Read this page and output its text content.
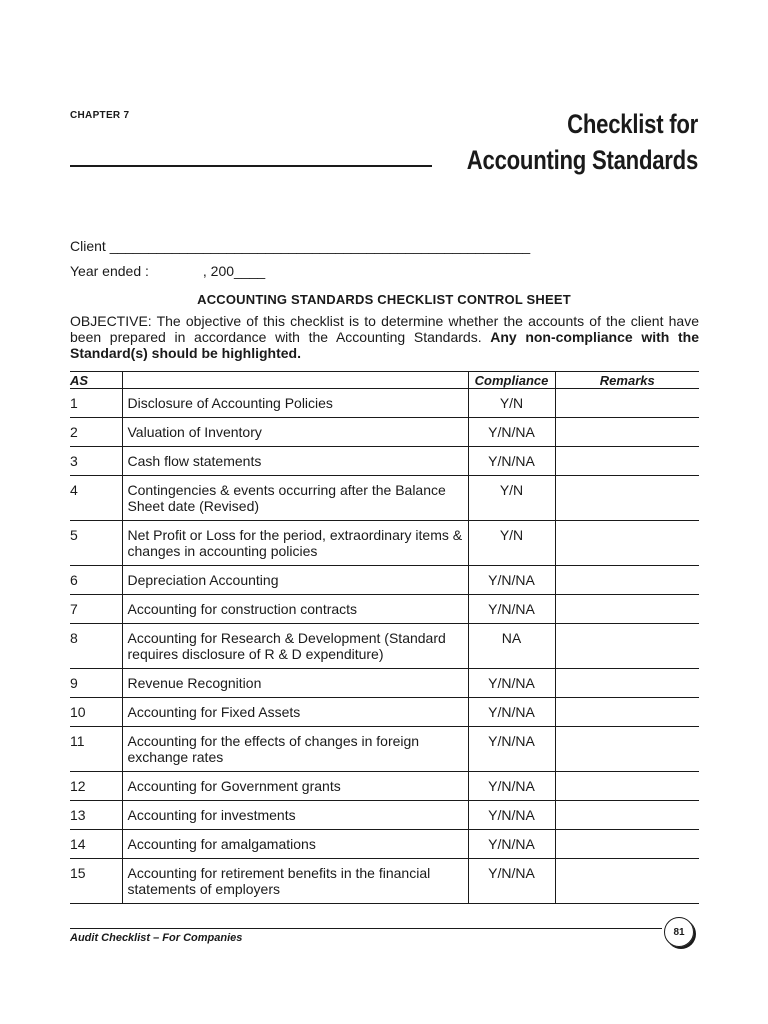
CHAPTER 7	Checklist for
Accounting Standards
Client ______________________________________________________
Year ended :	, 200____
ACCOUNTING STANDARDS CHECKLIST CONTROL SHEET
OBJECTIVE: The objective of this checklist is to determine whether the accounts of the client have been prepared in accordance with the Accounting Standards. Any non-compliance with the Standard(s) should be highlighted.
AS		Compliance	Remarks
1	Disclosure of Accounting Policies	Y/N	
2	Valuation of Inventory	Y/N/NA	
3	Cash flow statements	Y/N/NA	
4	Contingencies & events occurring after the Balance Sheet date (Revised)	Y/N	
5	Net Profit or Loss for the period, extraordinary items & changes in accounting policies	Y/N	
6	Depreciation Accounting	Y/N/NA	
7	Accounting for construction contracts	Y/N/NA	
8	Accounting for Research & Development (Standard requires disclosure of R & D expenditure)	NA	
9	Revenue Recognition	Y/N/NA	
10	Accounting for Fixed Assets	Y/N/NA	
11	Accounting for the effects of changes in foreign exchange rates	Y/N/NA	
12	Accounting for Government grants	Y/N/NA	
13	Accounting for investments	Y/N/NA	
14	Accounting for amalgamations	Y/N/NA	
15	Accounting for retirement benefits in the financial statements of employers	Y/N/NA	
Audit Checklist – For Companies	81
